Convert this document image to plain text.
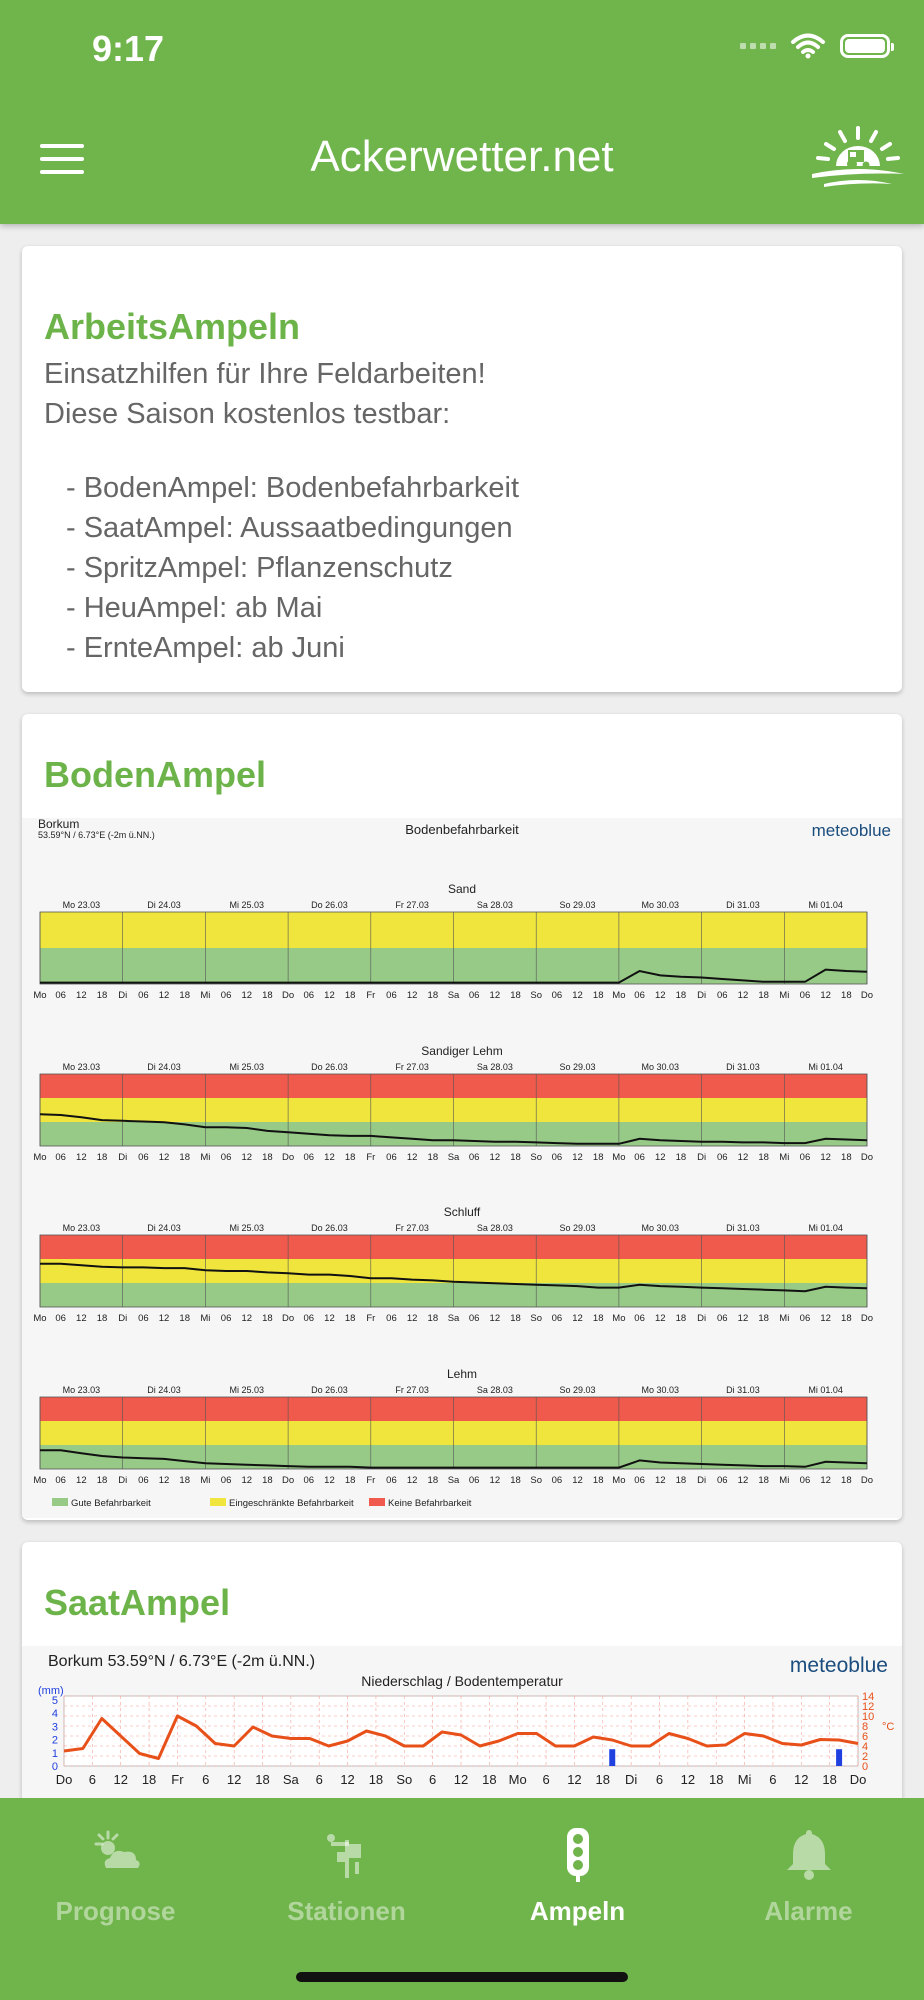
9:17
Ackerwetter.net
ArbeitsAmpeln
Einsatzhilfen für Ihre Feldarbeiten!
Diese Saison kostenlos testbar:
- BodenAmpel: Bodenbefahrbarkeit
- SaatAmpel: Aussaatbedingungen
- SpritzAmpel: Pflanzenschutz
- HeuAmpel: ab Mai
- ErnteAmpel: ab Juni
BodenAmpel
Borkum
53.59°N / 6.73°E (-2m ü.NN.)	Bodenbefahrbarkeit	meteoblue
Sand
Mo 23.03	Di 24.03	Mi 25.03	Do 26.03	Fr 27.03	Sa 28.03	So 29.03	Mo 30.03	Di 31.03	Mi 01.04
Mo 06 12 18 Di 06 12 18 Mi 06 12 18 Do 06 12 18 Fr 06 12 18 Sa 06 12 18 So 06 12 18 Mo 06 12 18 Di 06 12 18 Mi 06 12 18 Do
Sandiger Lehm
Mo 23.03	Di 24.03	Mi 25.03	Do 26.03	Fr 27.03	Sa 28.03	So 29.03	Mo 30.03	Di 31.03	Mi 01.04
Mo 06 12 18 Di 06 12 18 Mi 06 12 18 Do 06 12 18 Fr 06 12 18 Sa 06 12 18 So 06 12 18 Mo 06 12 18 Di 06 12 18 Mi 06 12 18 Do
Schluff
Mo 23.03	Di 24.03	Mi 25.03	Do 26.03	Fr 27.03	Sa 28.03	So 29.03	Mo 30.03	Di 31.03	Mi 01.04
Mo 06 12 18 Di 06 12 18 Mi 06 12 18 Do 06 12 18 Fr 06 12 18 Sa 06 12 18 So 06 12 18 Mo 06 12 18 Di 06 12 18 Mi 06 12 18 Do
Lehm
Mo 23.03	Di 24.03	Mi 25.03	Do 26.03	Fr 27.03	Sa 28.03	So 29.03	Mo 30.03	Di 31.03	Mi 01.04
Mo 06 12 18 Di 06 12 18 Mi 06 12 18 Do 06 12 18 Fr 06 12 18 Sa 06 12 18 So 06 12 18 Mo 06 12 18 Di 06 12 18 Mi 06 12 18 Do
Gute Befahrbarkeit	Eingeschränkte Befahrbarkeit	Keine Befahrbarkeit
SaatAmpel
Borkum 53.59°N / 6.73°E (-2m ü.NN.)
Niederschlag / Bodentemperatur
meteoblue
Do 6 12 18 Fr 6 12 18 Sa 6 12 18 So 6 12 18 Mo 6 12 18 Di 6 12 18 Mi 6 12 18 Do
(mm)
5
4
3
2
1
0
14
12
10
8
6
4
2
0
°C
Prognose	Stationen	Ampeln	Alarme
